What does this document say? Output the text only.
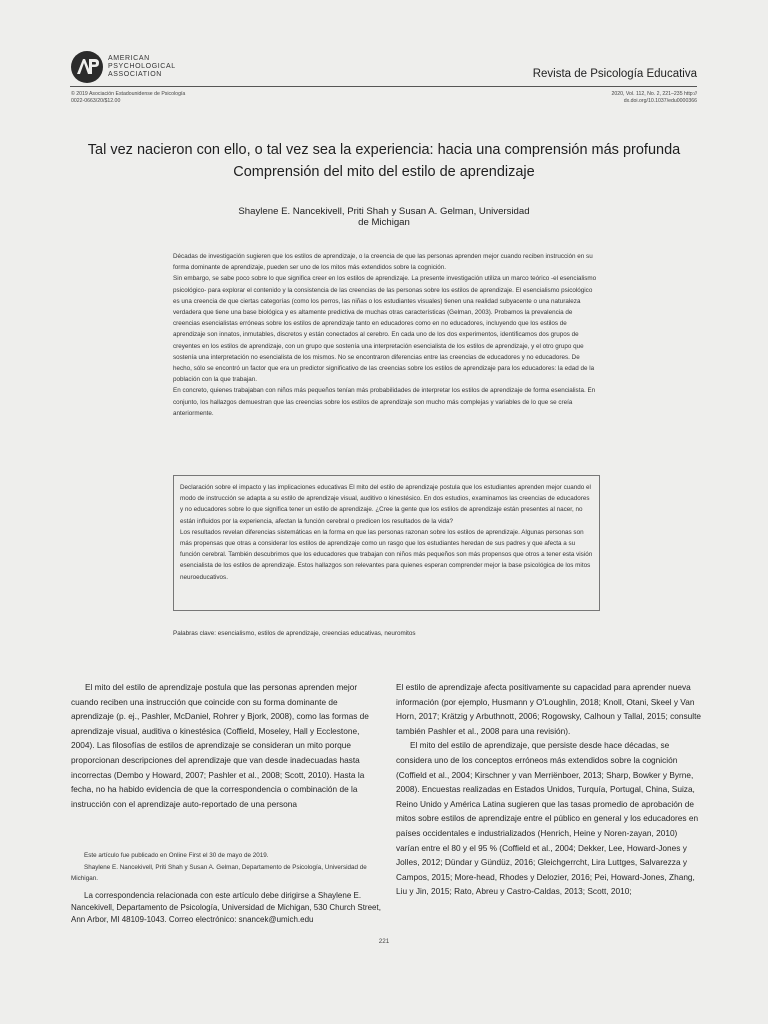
AMERICAN
PSYCHOLOGICAL
ASSOCIATION	Revista de Psicología Educativa
© 2019 Asociación Estadounidense de Psicología
0022-0663/20/$12.00
2020, Vol. 112, No. 2, 221–235 http://
dx.doi.org/10.1037/edu0000366
Tal vez nacieron con ello, o tal vez sea la experiencia: hacia una comprensión más profunda
Comprensión del mito del estilo de aprendizaje
Shaylene E. Nancekivell, Priti Shah y Susan A. Gelman, Universidad
de Michigan

Décadas de investigación sugieren que los estilos de aprendizaje, o la creencia de que las personas aprenden mejor cuando reciben instrucción en su forma dominante de aprendizaje, pueden ser uno de los mitos más extendidos sobre la cognición.

Sin embargo, se sabe poco sobre lo que significa creer en los estilos de aprendizaje. La presente investigación utiliza un marco teórico -el esencialismo psicológico- para explorar el contenido y la consistencia de las creencias de las personas sobre los estilos de aprendizaje. El esencialismo psicológico es una creencia de que ciertas categorías (como los perros, las niñas o los estudiantes visuales) tienen una realidad subyacente o una naturaleza verdadera que tiene una base biológica y es altamente predictiva de muchas otras características (Gelman, 2003). Probamos la prevalencia de creencias esencialistas erróneas sobre los estilos de aprendizaje tanto en educadores como en no educadores, incluyendo que los estilos de aprendizaje son innatos, inmutables, discretos y están conectados al cerebro. En cada uno de los dos experimentos, identificamos dos grupos de creyentes en los estilos de aprendizaje, con un grupo que sostenía una interpretación esencialista de los estilos de aprendizaje, y el otro grupo que sostenía una interpretación no esencialista de los mismos. No se encontraron diferencias entre las creencias de educadores y no educadores. De hecho, sólo se encontró un factor que era un predictor significativo de las creencias sobre los estilos de aprendizaje para los educadores: la edad de la población con la que trabajan.

En concreto, quienes trabajaban con niños más pequeños tenían más probabilidades de interpretar los estilos de aprendizaje de forma esencialista. En conjunto, los hallazgos demuestran que las creencias sobre los estilos de aprendizaje son mucho más complejas y variables de lo que se creía anteriormente.

Declaración sobre el impacto y las implicaciones educativas El mito del estilo de aprendizaje postula que los estudiantes aprenden mejor cuando el modo de instrucción se adapta a su estilo de aprendizaje visual, auditivo o kinestésico. En dos estudios, examinamos las creencias de educadores y no educadores sobre lo que significa tener un estilo de aprendizaje. ¿Cree la gente que los estilos de aprendizaje están presentes al nacer, no están influidos por la experiencia, afectan la función cerebral o predicen los resultados de la vida?

Los resultados revelan diferencias sistemáticas en la forma en que las personas razonan sobre los estilos de aprendizaje. Algunas personas son más propensas que otras a considerar los estilos de aprendizaje como un rasgo que los estudiantes heredan de sus padres y que afecta a su función cerebral. También descubrimos que los educadores que trabajan con niños más pequeños son más propensos que otros a tener esta visión esencialista de los estilos de aprendizaje. Estos hallazgos son relevantes para quienes esperan comprender mejor la base psicológica de los mitos neuroeducativos.

Palabras clave: esencialismo, estilos de aprendizaje, creencias educativas, neuromitos

El mito del estilo de aprendizaje postula que las personas aprenden mejor cuando reciben una instrucción que coincide con su forma dominante de aprendizaje (p. ej., Pashler, McDaniel, Rohrer y Bjork, 2008), como las formas de aprendizaje visual, auditiva o kinestésica (Coffield, Moseley, Hall y Ecclestone, 2004). Las filosofías de estilos de aprendizaje se consideran un mito porque proporcionan descripciones del aprendizaje que van desde inadecuadas hasta incorrectas (Dembo y Howard, 2007; Pashler et al., 2008; Scott, 2010). Hasta la fecha, no ha habido evidencia de que la correspondencia o combinación de la instrucción con el aprendizaje auto-reportado de una persona

El estilo de aprendizaje afecta positivamente su capacidad para aprender nueva información (por ejemplo, Husmann y O'Loughlin, 2018; Knoll, Otani, Skeel y Van Horn, 2017; Krätzig y Arbuthnott, 2006; Rogowsky, Calhoun y Tallal, 2015; consulte también Pashler et al., 2008 para una revisión).

El mito del estilo de aprendizaje, que persiste desde hace décadas, se considera uno de los conceptos erróneos más extendidos sobre la cognición (Coffield et al., 2004; Kirschner y van Merriënboer, 2013; Sharp, Bowker y Byrne, 2008). Encuestas realizadas en Estados Unidos, Turquía, Portugal, China, Suiza, Reino Unido y América Latina sugieren que las tasas promedio de aprobación de mitos sobre estilos de aprendizaje entre el público en general y los educadores en países occidentales e industrializados (Henrich, Heine y Noren-zayan, 2010) varían entre el 80 y el 95 % (Coffield et al., 2004; Dekker, Lee, Howard-Jones y Jolles, 2012; Dündar y Gündüz, 2016; Gleichgerrcht, Lira Luttges, Salvarezza y Campos, 2015; More-head, Rhodes y Delozier, 2016; Pei, Howard-Jones, Zhang, Liu y Jin, 2015; Rato, Abreu y Castro-Caldas, 2013; Scott, 2010;

Este artículo fue publicado en Online First el 30 de mayo de 2019.

Shaylene E. Nancekivell, Priti Shah y Susan A. Gelman, Departamento de Psicología, Universidad de Michigan.

La correspondencia relacionada con este artículo debe dirigirse a Shaylene E. Nancekivell, Departamento de Psicología, Universidad de Michigan, 530 Church Street, Ann Arbor, MI 48109-1043. Correo electrónico: snancek@umich.edu

221
